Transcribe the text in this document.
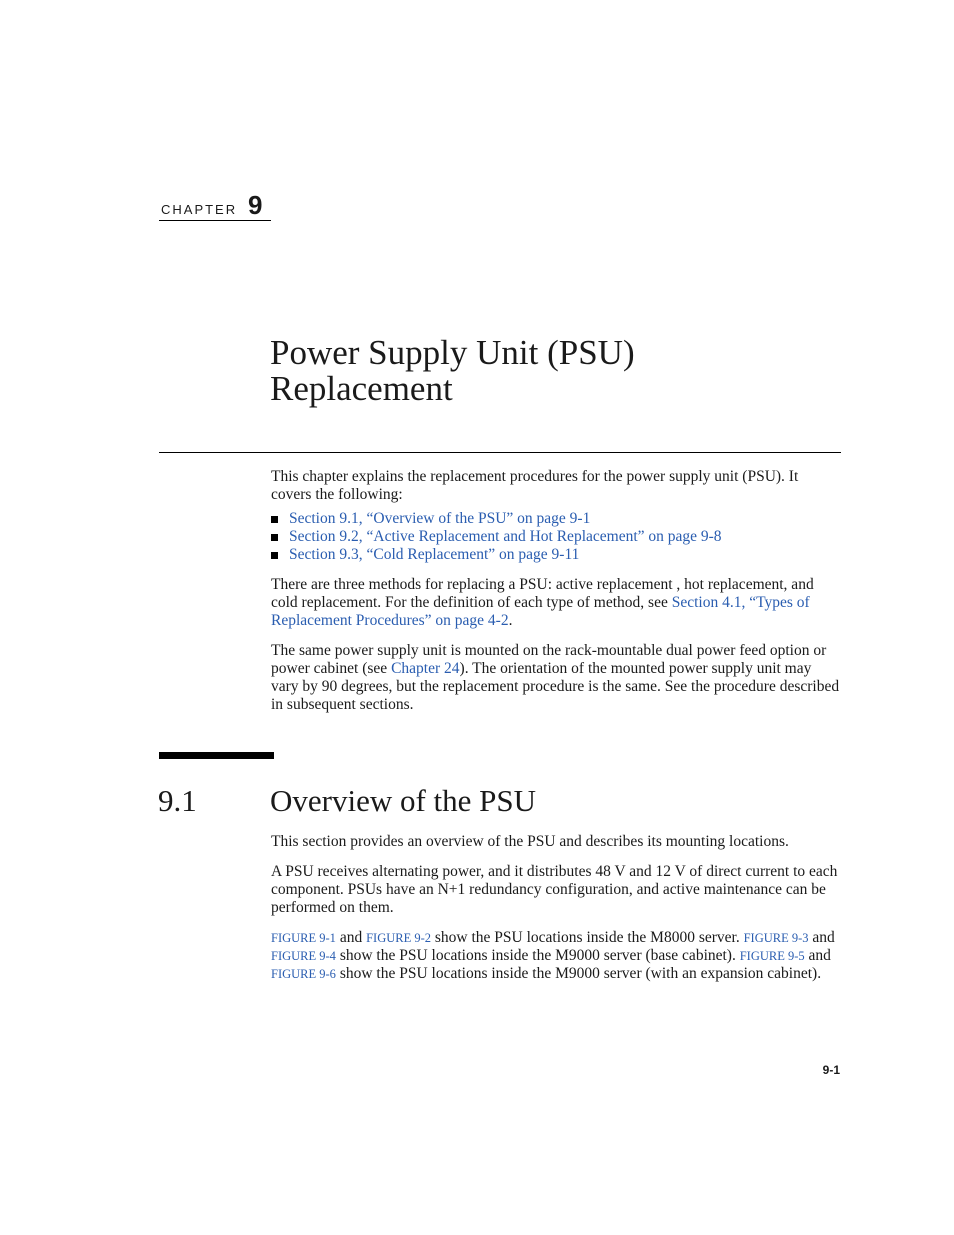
CHAPTER 9
Power Supply Unit (PSU)
Replacement

This chapter explains the replacement procedures for the power supply unit (PSU). It covers the following:

Section 9.1, “Overview of the PSU” on page 9-1
Section 9.2, “Active Replacement and Hot Replacement” on page 9-8
Section 9.3, “Cold Replacement” on page 9-11

There are three methods for replacing a PSU: active replacement , hot replacement, and cold replacement. For the definition of each type of method, see Section 4.1, “Types of Replacement Procedures” on page 4-2.

The same power supply unit is mounted on the rack-mountable dual power feed option or power cabinet (see Chapter 24). The orientation of the mounted power supply unit may vary by 90 degrees, but the replacement procedure is the same. See the procedure described in subsequent sections.

9.1 Overview of the PSU

This section provides an overview of the PSU and describes its mounting locations.

A PSU receives alternating power, and it distributes 48 V and 12 V of direct current to each component. PSUs have an N+1 redundancy configuration, and active maintenance can be performed on them.

FIGURE 9-1 and FIGURE 9-2 show the PSU locations inside the M8000 server. FIGURE 9-3 and FIGURE 9-4 show the PSU locations inside the M9000 server (base cabinet). FIGURE 9-5 and FIGURE 9-6 show the PSU locations inside the M9000 server (with an expansion cabinet).

9-1
